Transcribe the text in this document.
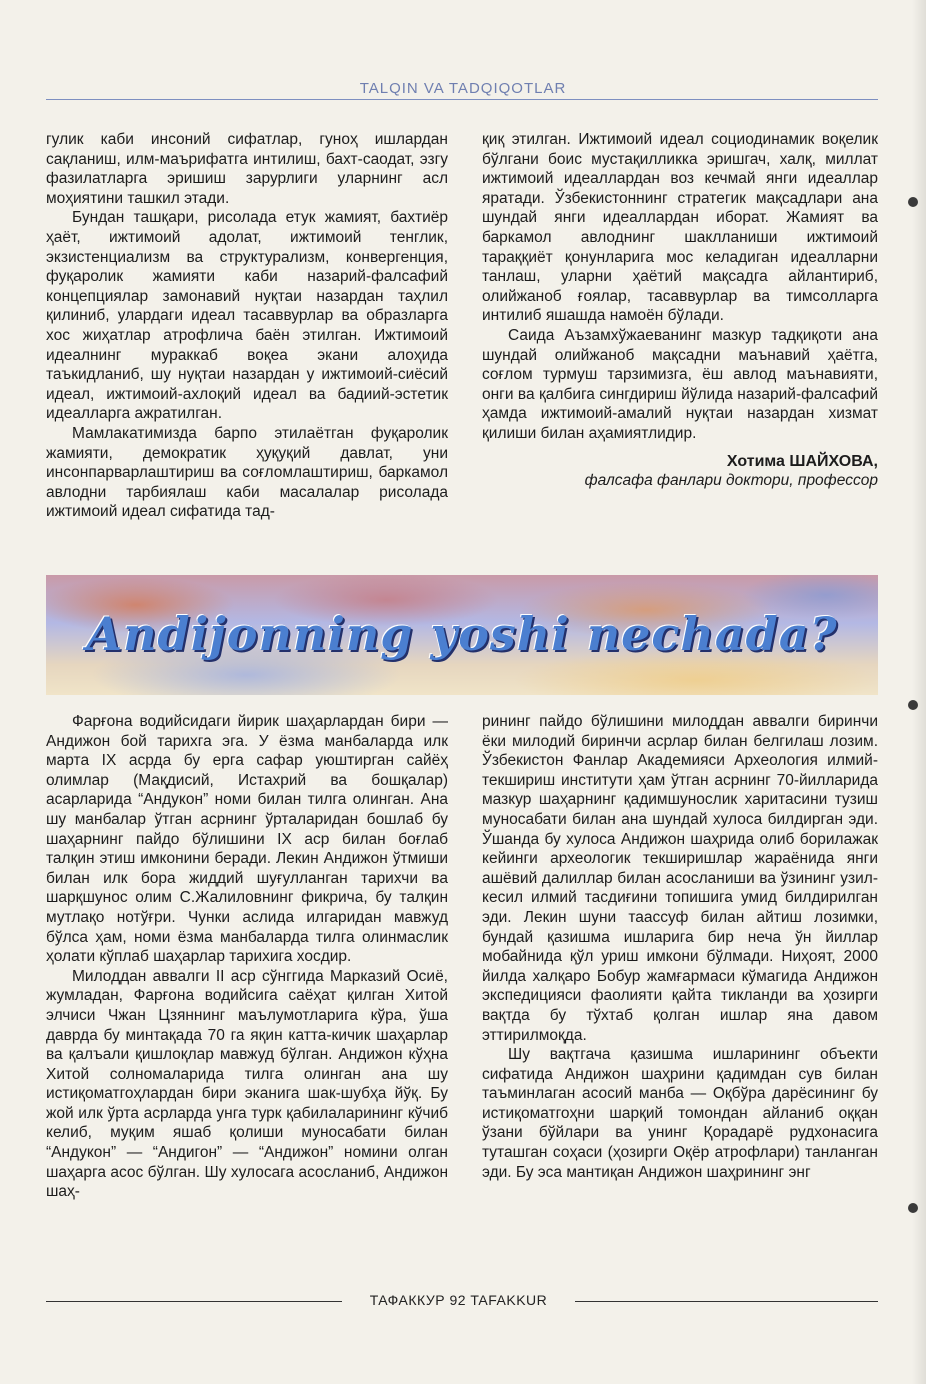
TALQIN VA TADQIQOTLAR

гулик каби инсоний сифатлар, гуноҳ ишлардан сақланиш, илм-маърифатга интилиш, бахт-саодат, эзгу фазилатларга эришиш зарурлиги уларнинг асл моҳиятини ташкил этади.

Бундан ташқари, рисолада етук жамият, бахтиёр ҳаёт, ижтимоий адолат, ижтимоий тенглик, экзистенциализм ва структурализм, конвергенция, фуқаролик жамияти каби назарий-фалсафий концепциялар замонавий нуқтаи назардан таҳлил қилиниб, улардаги идеал тасаввурлар ва образларга хос жиҳатлар атрофлича баён этилган. Ижтимоий идеалнинг мураккаб воқеа экани алоҳида таъкидланиб, шу нуқтаи назардан у ижтимоий-сиёсий идеал, ижтимоий-ахлоқий идеал ва бадиий-эстетик идеалларга ажратилган.

Мамлакатимизда барпо этилаётган фуқаролик жамияти, демократик ҳуқуқий давлат, уни инсонпарварлаштириш ва соғломлаштириш, баркамол авлодни тарбиялаш каби масалалар рисолада ижтимоий идеал сифатида тад-

қиқ этилган. Ижтимоий идеал социодинамик воқелик бўлгани боис мустақилликка эришгач, халқ, миллат ижтимоий идеаллардан воз кечмай янги идеаллар яратади. Ўзбекистоннинг стратегик мақсадлари ана шундай янги идеаллардан иборат. Жамият ва баркамол авлоднинг шаклланиши ижтимоий тараққиёт қонунларига мос келадиган идеалларни танлаш, уларни ҳаётий мақсадга айлантириб, олийжаноб ғоялар, тасаввурлар ва тимсолларга интилиб яшашда намоён бўлади.

Саида Аъзамхўжаеванинг мазкур тадқиқоти ана шундай олийжаноб мақсадни маънавий ҳаётга, соғлом турмуш тарзимизга, ёш авлод маънавияти, онги ва қалбига сингдириш йўлида назарий-фалсафий ҳамда ижтимоий-амалий нуқтаи назардан хизмат қилиши билан аҳамиятлидир.

Хотима ШАЙХОВА,
фалсафа фанлари доктори, профессор
Andijonning yoshi nechada?

Фарғона водийсидаги йирик шаҳарлардан бири — Андижон бой тарихга эга. У ёзма манбаларда илк марта IX асрда бу ерга сафар уюштирган сайёҳ олимлар (Мақдисий, Истахрий ва бошқалар) асарларида “Андукон” номи билан тилга олинган. Ана шу манбалар ўтган асрнинг ўрталаридан бошлаб бу шаҳарнинг пайдо бўлишини IX аср билан боғлаб талқин этиш имконини беради. Лекин Андижон ўтмиши билан илк бора жиддий шуғулланган тарихчи ва шарқшунос олим С.Жалиловнинг фикрича, бу талқин мутлақо нотўғри. Чунки аслида илгаридан мавжуд бўлса ҳам, номи ёзма манбаларда тилга олинмаслик ҳолати кўплаб шаҳарлар тарихига хосдир.

Милоддан аввалги II аср сўнггида Марказий Осиё, жумладан, Фарғона водийсига саёҳат қилган Хитой элчиси Чжан Цзяннинг маълумотларига кўра, ўша даврда бу минтақада 70 га яқин катта-кичик шаҳарлар ва қалъали қишлоқлар мавжуд бўлган. Андижон кўҳна Хитой солномаларида тилга олинган ана шу истиқоматгоҳлардан бири эканига шак-шубҳа йўқ. Бу жой илк ўрта асрларда унга турк қабилаларининг кўчиб келиб, муқим яшаб қолиши муносабати билан “Андукон” — “Андигон” — “Андижон” номини олган шаҳарга асос бўлган. Шу хулосага асосланиб, Андижон шаҳ-

рининг пайдо бўлишини милоддан аввалги биринчи ёки милодий биринчи асрлар билан белгилаш лозим. Ўзбекистон Фанлар Академияси Археология илмий-текшириш институти ҳам ўтган асрнинг 70-йилларида мазкур шаҳарнинг қадимшунослик харитасини тузиш муносабати билан ана шундай хулоса билдирган эди. Ўшанда бу хулоса Андижон шаҳрида олиб борилажак кейинги археологик текширишлар жараёнида янги ашёвий далиллар билан асосланиши ва ўзининг узил-кесил илмий тасдиғини топишига умид билдирилган эди. Лекин шуни таассуф билан айтиш лозимки, бундай қазишма ишларига бир неча ўн йиллар мобайнида қўл уриш имкони бўлмади. Ниҳоят, 2000 йилда халқаро Бобур жамғармаси кўмагида Андижон экспедицияси фаолияти қайта тикланди ва ҳозирги вақтда бу тўхтаб қолган ишлар яна давом эттирилмоқда.

Шу вақтгача қазишма ишларининг объекти сифатида Андижон шаҳрини қадимдан сув билан таъминлаган асосий манба — Оқбўра дарёсининг бу истиқоматгоҳни шарқий томондан айланиб оққан ўзани бўйлари ва унинг Қорадарё рудхонасига туташган соҳаси (ҳозирги Оқёр атрофлари) танланган эди. Бу эса мантиқан Андижон шаҳрининг энг

ТАФАККУР 92 TAFAKKUR
